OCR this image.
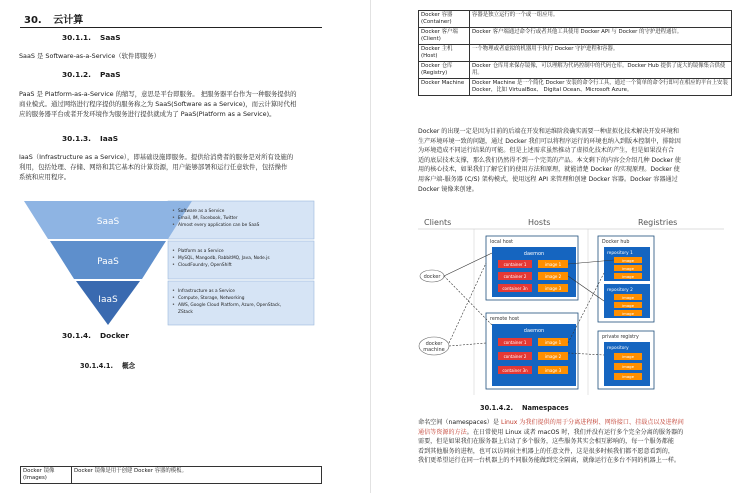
30. 云计算
30.1.1. SaaS
SaaS 是 Software-as-a-Service（软件即服务）
30.1.2. PaaS
PaaS 是 Platform-as-a-Service 的缩写，意思是平台即服务。 把服务器平台作为一种服务提供的
商业模式。通过网络进行程序提供的服务称之为 SaaS(Software as a Service)，而云计算时代相
应的服务器平台或者开发环境作为服务进行提供就成为了 PaaS(Platform as a Service)。
30.1.3. IaaS
IaaS（Infrastructure as a Service），即基础设施即服务。提供给消费者的服务是对所有设施的
利用，包括处理、存储、网络和其它基本的计算资源，用户能够部署和运行任意软件，包括操作
系统和应用程序。
SaaS
PaaS
IaaS
Software as a Service
Email, IM, Facebook, Twitter
Almost every application can be SaaS
Platform as a Service
MySQL, Mangodb, RabbitMQ, Java, Node.js
CloudFoundry, OpenShift
Infrastructure as a Service
Compute, Storage, Networking
AWS, Google Cloud Platform, Azure, OpenStack,
ZStack
•
•
•
•
•
•
•
•
•
30.1.4. Docker
30.1.4.1. 概念
Docker 镜像(Images)	Docker 镜像是用于创建 Docker 容器的模板。
Docker 容器(Container)	容器是独立运行的一个或一组应用。
Docker 客户端(Client)	Docker 客户端通过命令行或者其他工具使用 Docker API 与 Docker 的守护进程通信。
Docker 主机(Host)	一个物理或者虚拟的机器用于执行 Docker 守护进程和容器。
Docker 仓库(Registry)	Docker 仓库用来保存镜像，可以理解为代码控制中的代码仓库。Docker Hub 提供了庞大的镜像集合供使用。
Docker Machine	Docker Machine 是一个简化 Docker 安装的命令行工具，通过一个简单的命令行即可在相应的平台上安装 Docker，比如 VirtualBox、 Digital Ocean、Microsoft Azure。
Docker 的出现一定是因为目前的后端在开发和运维阶段确实需要一种虚拟化技术解决开发环境和
生产环境环境一致的问题，通过 Docker 我们可以将程序运行的环境也纳入到版本控制中，排除因
为环境造成不同运行结果的可能。但是上述需求虽然推动了虚拟化技术的产生，但是如果没有合
适的底层技术支撑，那么我们仍然得不到一个完美的产品。本文剩下的内容会介绍几种 Docker 使
用的核心技术，如果我们了解它们的使用方法和原理，就能清楚 Docker 的实现原理。Docker 使
用客户端-服务器 (C/S) 架构模式，使用远程 API 来管理和创建 Docker 容器。Docker 容器通过
Docker 镜像来创建。
Clients	Hosts	Registries
docker
docker
machine
local host
daemon
container 1
container 2
container 3n
image 1
image 2
image 3
remote host
daemon
container 1
container 2
container 3n
image 1
image 2
image 3
Docker hub
repository 1
image
image
image
repository 2
image
image
image
private registry
repository
image
image
image
30.1.4.2. Namespaces
命名空间（namespaces）是 Linux 为我们提供的用于分离进程树、网络接口、挂载点以及进程间
通信等资源的方法。在日常使用 Linux 或者 macOS 时，我们并没有运行多个完全分离的服务器的
需要，但是如果我们在服务器上启动了多个服务，这些服务其实会相互影响的，每一个服务都能
看到其他服务的进程，也可以访问宿主机器上的任意文件，这是很多时候我们都不愿意看到的，
我们更希望运行在同一台机器上的不同服务能做到完全隔离，就像运行在多台不同的机器上一样。
